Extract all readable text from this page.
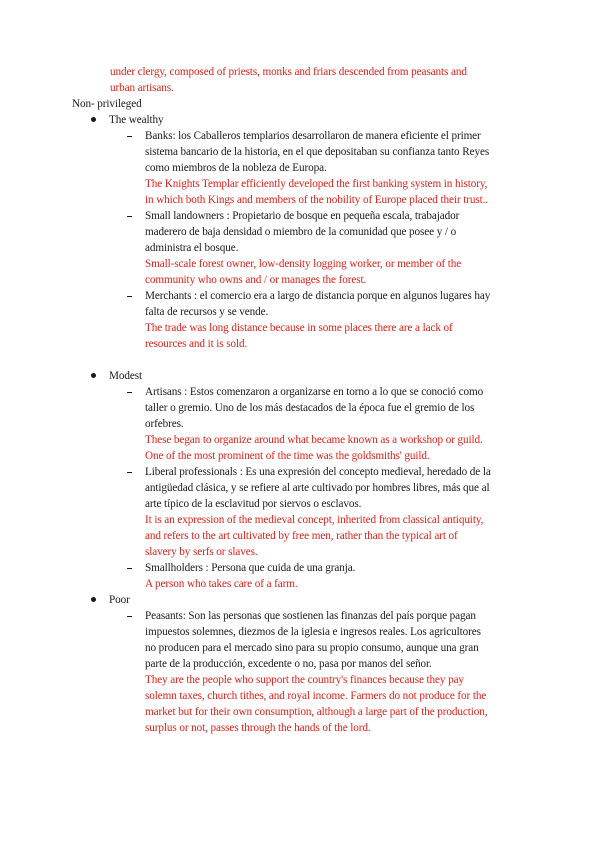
under clergy, composed of priests, monks and friars descended from peasants and
urban artisans.
Non- privileged
The wealthy
Banks: los Caballeros templarios desarrollaron de manera eficiente el primer
sistema bancario de la historia, en el que depositaban su confianza tanto Reyes
como miembros de la nobleza de Europa.
The Knights Templar efficiently developed the first banking system in history,
in which both Kings and members of the nobility of Europe placed their trust..
Small landowners : Propietario de bosque en pequeña escala, trabajador
maderero de baja densidad o miembro de la comunidad que posee y / o
administra el bosque.
Small-scale forest owner, low-density logging worker, or member of the
community who owns and / or manages the forest.
Merchants : el comercio era a largo de distancia porque en algunos lugares hay
falta de recursos y se vende.
The trade was long distance because in some places there are a lack of
resources and it is sold.
Modest
Artisans : Estos comenzaron a organizarse en torno a lo que se conoció como
taller o gremio. Uno de los más destacados de la época fue el gremio de los
orfebres.
These began to organize around what became known as a workshop or guild.
One of the most prominent of the time was the goldsmiths' guild.
Liberal professionals : Es una expresión del concepto medieval, heredado de la
antigüedad clásica, y se refiere al arte cultivado por hombres libres, más que al
arte típico de la esclavitud por siervos o esclavos.
It is an expression of the medieval concept, inherited from classical antiquity,
and refers to the art cultivated by free men, rather than the typical art of
slavery by serfs or slaves.
Smallholders : Persona que cuida de una granja.
A person who takes care of a farm.
Poor
Peasants: Son las personas que sostienen las finanzas del país porque pagan
impuestos solemnes, diezmos de la iglesia e ingresos reales. Los agricultores
no producen para el mercado sino para su propio consumo, aunque una gran
parte de la producción, excedente o no, pasa por manos del señor.
They are the people who support the country's finances because they pay
solemn taxes, church tithes, and royal income. Farmers do not produce for the
market but for their own consumption, although a large part of the production,
surplus or not, passes through the hands of the lord.
